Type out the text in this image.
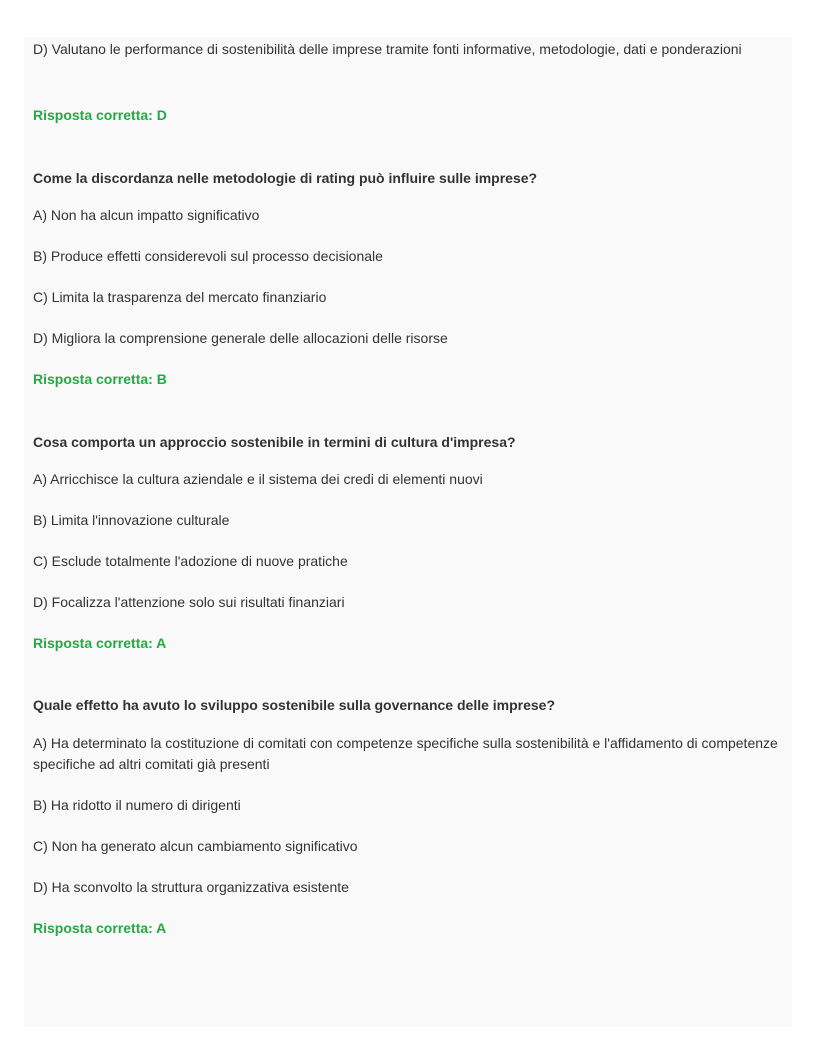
D) Valutano le performance di sostenibilità delle imprese tramite fonti informative, metodologie, dati e ponderazioni

Risposta corretta: D

Come la discordanza nelle metodologie di rating può influire sulle imprese?

A) Non ha alcun impatto significativo

B) Produce effetti considerevoli sul processo decisionale

C) Limita la trasparenza del mercato finanziario

D) Migliora la comprensione generale delle allocazioni delle risorse

Risposta corretta: B

Cosa comporta un approccio sostenibile in termini di cultura d'impresa?

A) Arricchisce la cultura aziendale e il sistema dei credi di elementi nuovi

B) Limita l'innovazione culturale

C) Esclude totalmente l'adozione di nuove pratiche

D) Focalizza l'attenzione solo sui risultati finanziari

Risposta corretta: A

Quale effetto ha avuto lo sviluppo sostenibile sulla governance delle imprese?

A) Ha determinato la costituzione di comitati con competenze specifiche sulla sostenibilità e l'affidamento di competenze specifiche ad altri comitati già presenti

B) Ha ridotto il numero di dirigenti

C) Non ha generato alcun cambiamento significativo

D) Ha sconvolto la struttura organizzativa esistente

Risposta corretta: A
